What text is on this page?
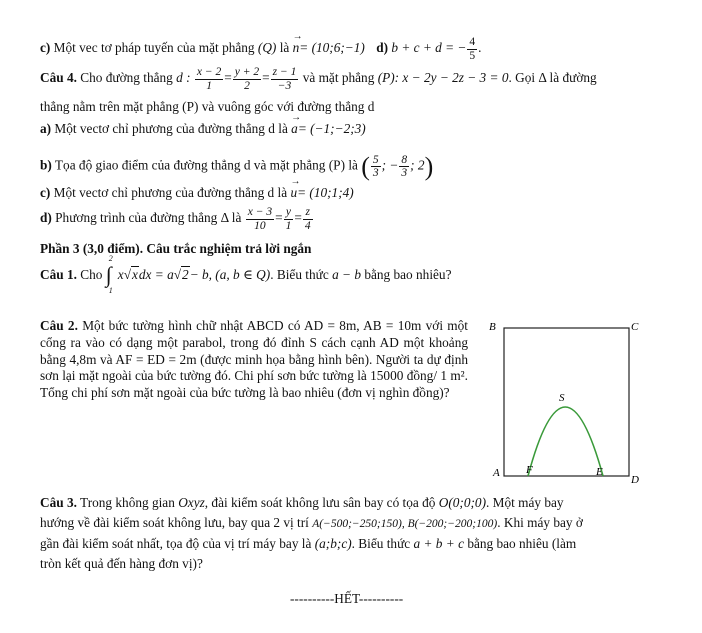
c) Một vec tơ pháp tuyến của mặt phẳng (Q) là
→
n= (10;6;−1) d) b + c + d = − $\frac{4}{5}$ .
Câu 4. Cho đường thẳng d : $\frac{x - 2}{1} = \frac{y + 2}{2} = \frac{z - 1}{-3}$ và mặt phẳng (P): x − 2y − 2z − 3 = 0. Gọi Δ là đường
thẳng nằm trên mặt phẳng (P) và vuông góc với đường thẳng d
a) Một vectơ chỉ phương của đường thẳng d là
→
a= (−1;−2;3)
b) Tọa độ giao điểm của đường thẳng d và mặt phẳng (P) là ( $\frac{5}{3}$ ; − $\frac{8}{3}$ ; 2)
c) Một vectơ chỉ phương của đường thẳng d là
→
u= (10;1;4)
d) Phương trình của đường thẳng Δ là $\frac{x - 3}{10} = \frac{y}{1} = \frac{z}{4}$
Phần 3 (3,0 điểm). Câu trắc nghiệm trả lời ngắn
Câu 1. Cho ∫
2
1
x√xdx = a√2− b, (a, b ∈ Q). Biểu thức a − b bằng bao nhiêu?
Câu 2. Một bức tường hình chữ nhật ABCD có AD = 8m, AB = 10m với một cổng ra vào có dạng một parabol, trong đó đỉnh S cách cạnh AD một khoảng bằng 4,8m và AF = ED = 2m (được minh họa bằng hình bên). Người ta dự định sơn lại mặt ngoài của bức tường đó. Chi phí sơn bức tường là 15000 đồng/ 1 m². Tổng chi phí sơn mặt ngoài của bức tường là bao nhiêu (đơn vị nghìn đồng)?
B	C
A
D
F	E
S
Câu 3. Trong không gian Oxyz, đài kiểm soát không lưu sân bay có tọa độ O(0;0;0). Một máy bay
hướng về đài kiểm soát không lưu, bay qua 2 vị trí A(−500;−250;150), B(−200;−200;100). Khi máy bay ở
gần đài kiểm soát nhất, tọa độ của vị trí máy bay là (a;b;c). Biểu thức a + b + c bằng bao nhiêu (làm
tròn kết quả đến hàng đơn vị)?
----------HẾT----------
